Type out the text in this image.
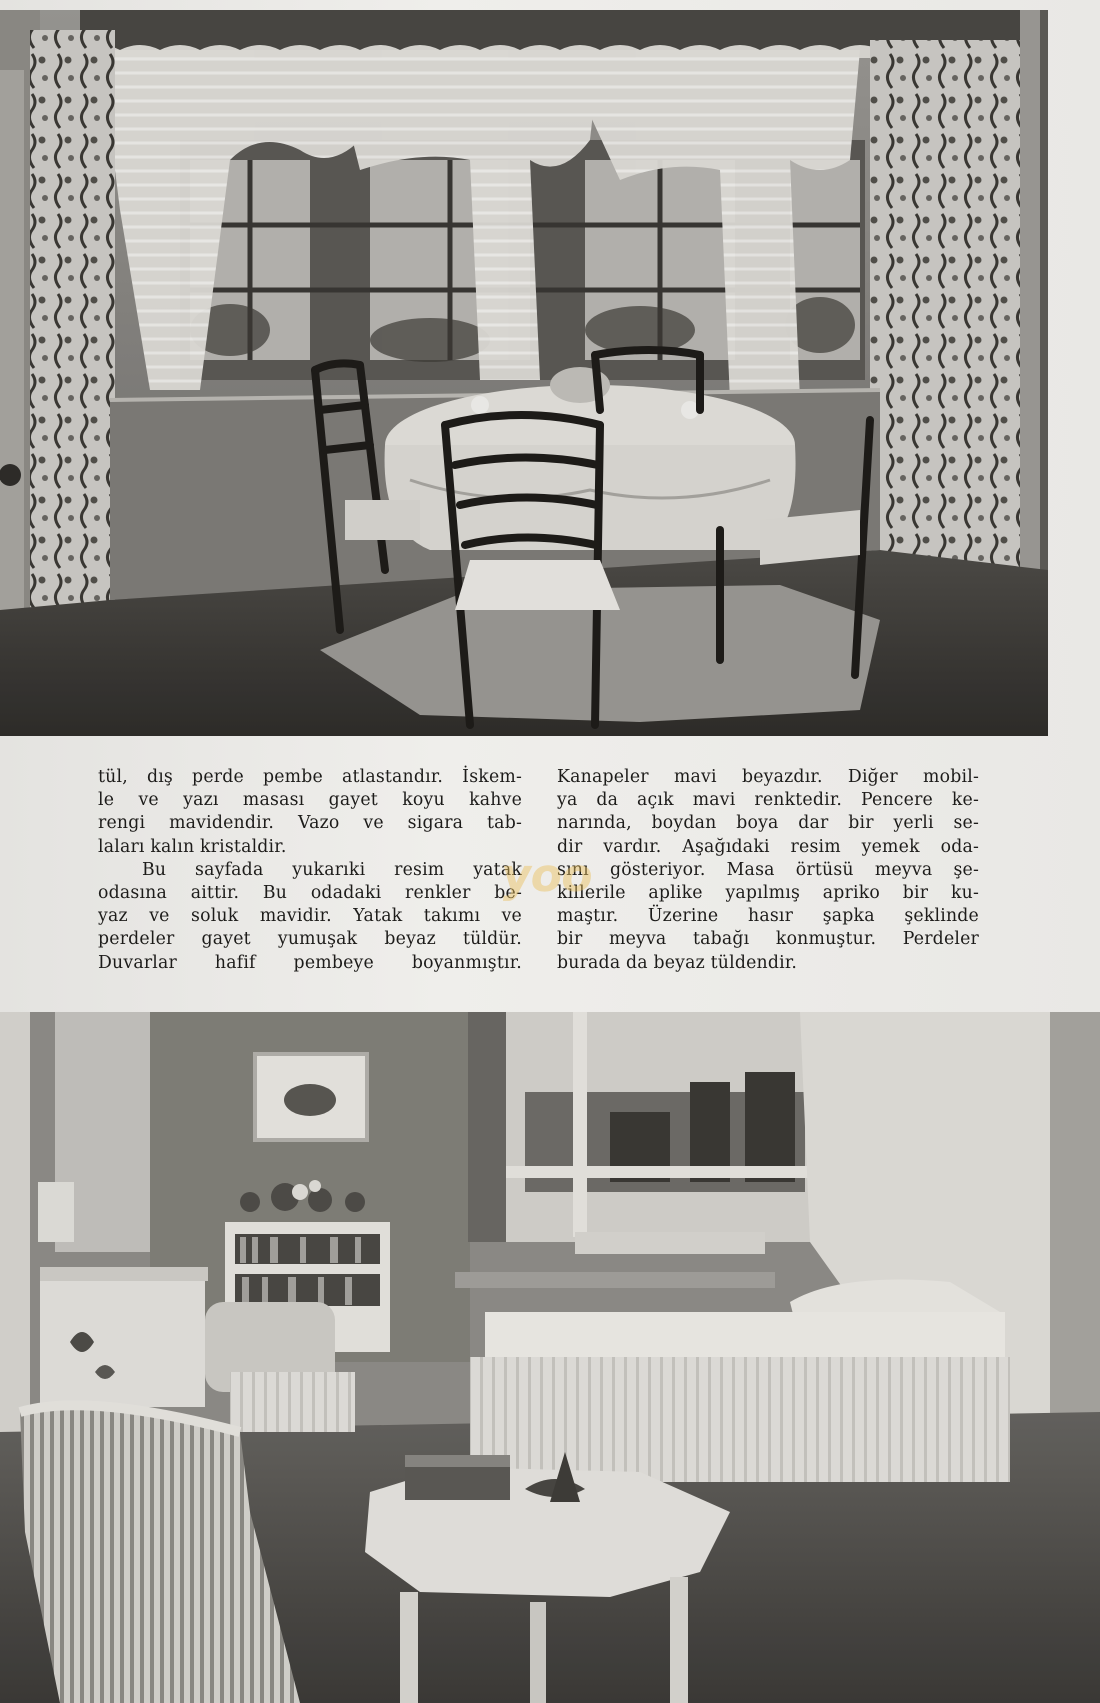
tül, dış perde pembe atlastandır. İskem-
le ve yazı masası gayet koyu kahve
rengi mavidendir. Vazo ve sigara tab-
laları kalın kristaldir.
Bu sayfada yukarıki resim yatak
odasına aittir. Bu odadaki renkler be-
yaz ve soluk mavidir. Yatak takımı ve
perdeler gayet yumuşak beyaz tüldür.
Duvarlar hafif pembeye boyanmıştır.
Kanapeler mavi beyazdır. Diğer mobil-
ya da açık mavi renktedir. Pencere ke-
narında, boydan boya dar bir yerli se-
dir vardır. Aşağıdaki resim yemek oda-
sını gösteriyor. Masa örtüsü meyva şe-
killerile aplike yapılmış apriko bir ku-
maştır. Üzerine hasır şapka şeklinde
bir meyva tabağı konmuştur. Perdeler
burada da beyaz tüldendir.
yoo
